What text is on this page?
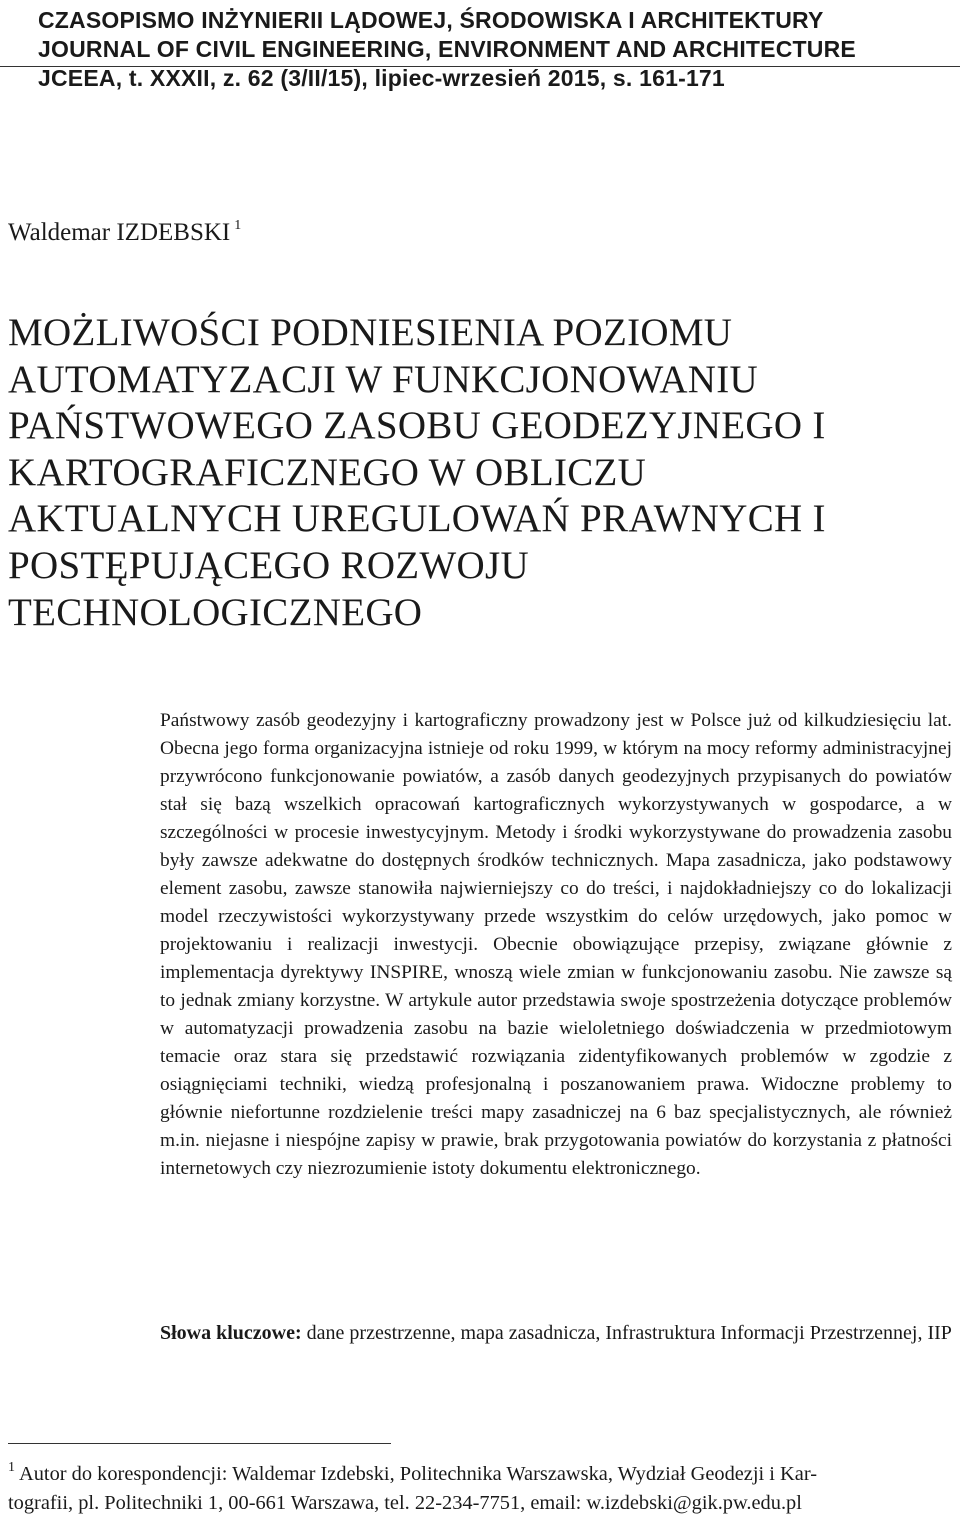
CZASOPISMO INŻYNIERII LĄDOWEJ, ŚRODOWISKA I ARCHITEKTURY
JOURNAL OF CIVIL ENGINEERING, ENVIRONMENT AND ARCHITECTURE
JCEEA, t. XXXII, z. 62 (3/II/15), lipiec-wrzesień 2015, s. 161-171
Waldemar IZDEBSKI $^1$
MOŻLIWOŚCI PODNIESIENIA POZIOMU
AUTOMATYZACJI W FUNKCJONOWANIU
PAŃSTWOWEGO ZASOBU GEODEZYJNEGO I
KARTOGRAFICZNEGO W OBLICZU
AKTUALNYCH UREGULOWAŃ PRAWNYCH I
POSTĘPUJĄCEGO ROZWOJU
TECHNOLOGICZNEGO

Państwowy zasób geodezyjny i kartograficzny prowadzony jest w Polsce już od kilkudziesięciu lat. Obecna jego forma organizacyjna istnieje od roku 1999, w którym na mocy reformy administracyjnej przywrócono funkcjonowanie powiatów, a zasób danych geodezyjnych przypisanych do powiatów stał się bazą wszelkich opracowań kartograficznych wykorzystywanych w gospodarce, a w szczególności w procesie inwestycyjnym. Metody i środki wykorzystywane do prowadzenia zasobu były zawsze adekwatne do dostępnych środków technicznych. Mapa zasadnicza, jako podstawowy element zasobu, zawsze stanowiła najwierniejszy co do treści, i najdokładniejszy co do lokalizacji model rzeczywistości wykorzystywany przede wszystkim do celów urzędowych, jako pomoc w projektowaniu i realizacji inwestycji. Obecnie obowiązujące przepisy, związane głównie z implementacja dyrektywy INSPIRE, wnoszą wiele zmian w funkcjonowaniu zasobu. Nie zawsze są to jednak zmiany korzystne. W artykule autor przedstawia swoje spostrzeżenia dotyczące problemów w automatyzacji prowadzenia zasobu na bazie wieloletniego doświadczenia w przedmiotowym temacie oraz stara się przedstawić rozwiązania zidentyfikowanych problemów w zgodzie z osiągnięciami techniki, wiedzą profesjonalną i poszanowaniem prawa. Widoczne problemy to głównie niefortunne rozdzielenie treści mapy zasadniczej na 6 baz specjalistycznych, ale również m.in. niejasne i niespójne zapisy w prawie, brak przygotowania powiatów do korzystania z płatności internetowych czy niezrozumienie istoty dokumentu elektronicznego.

Słowa kluczowe: dane przestrzenne, mapa zasadnicza, Infrastruktura Informacji Przestrzennej, IIP
$^1$ Autor do korespondencji: Waldemar Izdebski, Politechnika Warszawska, Wydział Geodezji i Kar-
tografii, pl. Politechniki 1, 00-661 Warszawa, tel. 22-234-7751, email: w.izdebski@gik.pw.edu.pl
